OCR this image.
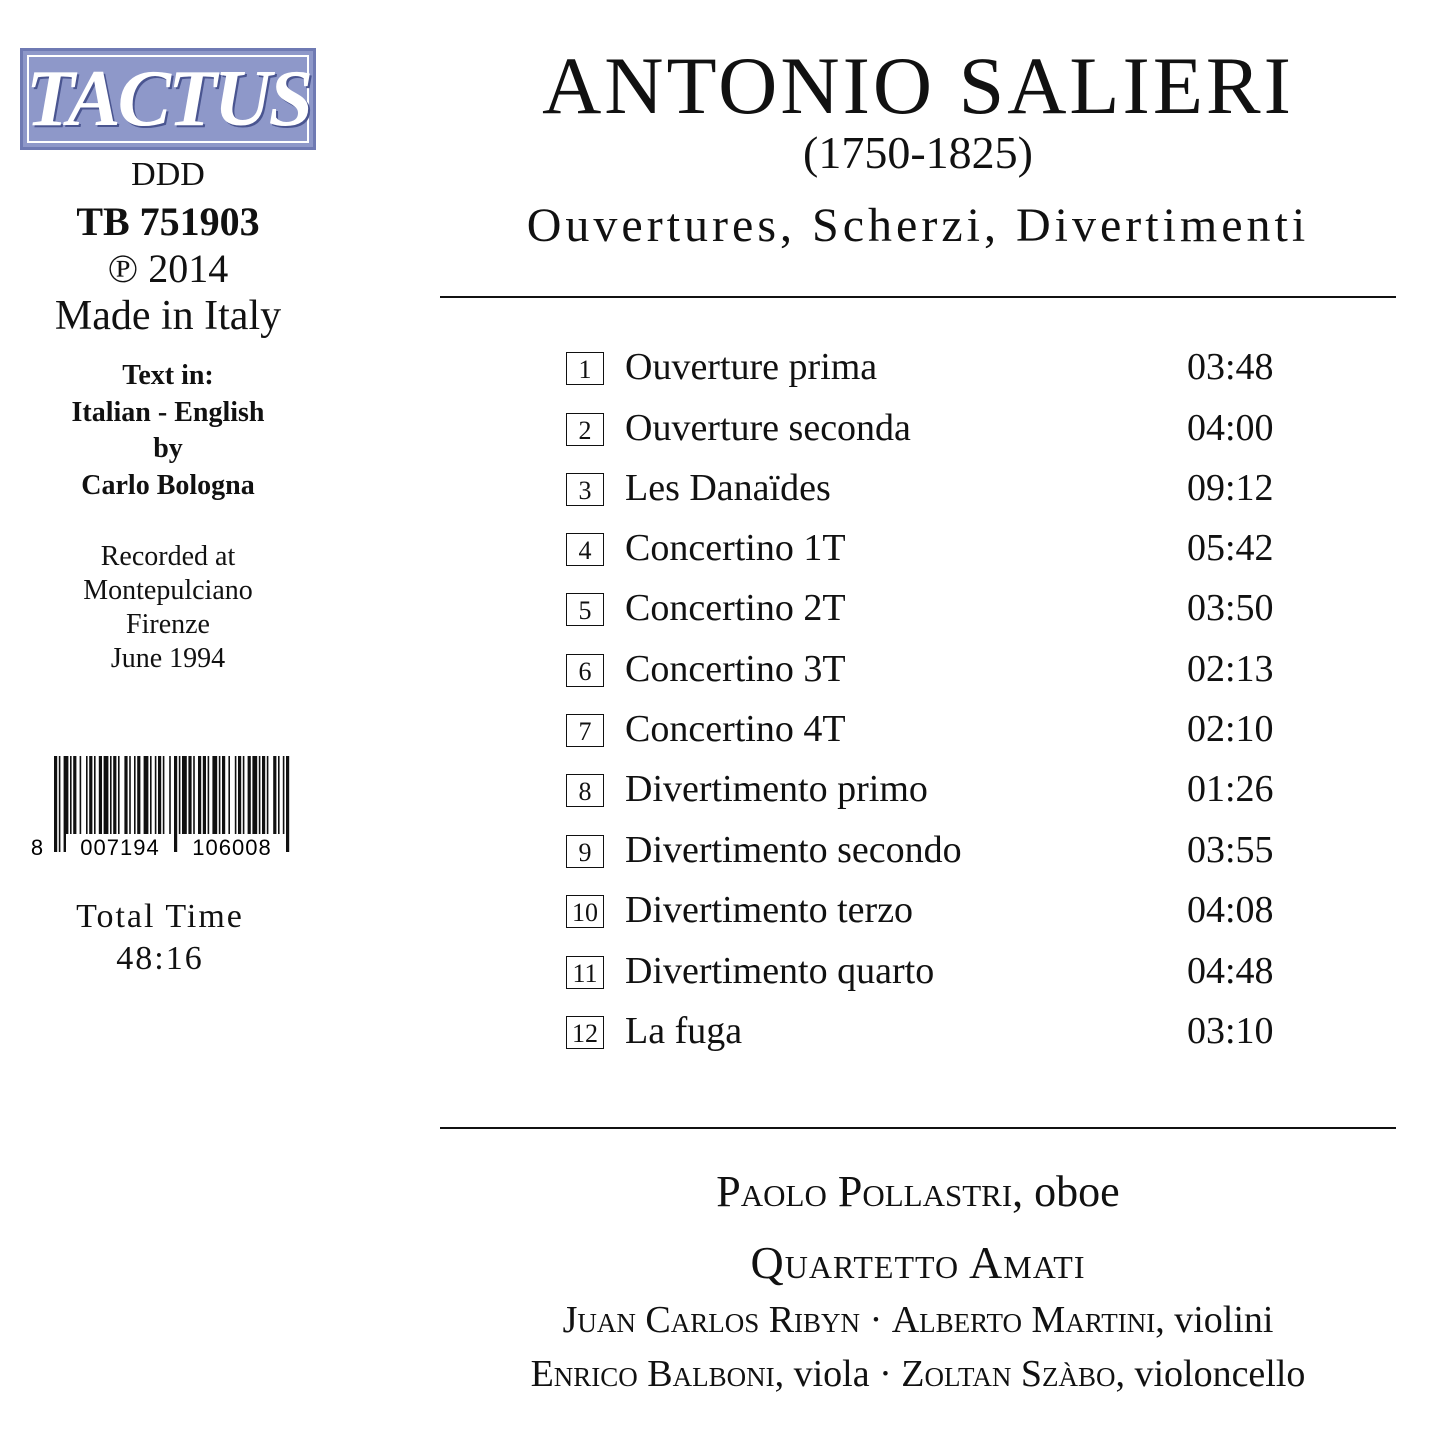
TACTUS
DDD
TB 751903
℗ 2014
Made in Italy
Text in:
Italian - English
by
Carlo Bologna
Recorded at
Montepulciano
Firenze
June 1994
8 007194 106008
Total Time
48:16
ANTONIO SALIERI
(1750-1825)
Ouvertures, Scherzi, Divertimenti
1 Ouverture prima	03:48
2 Ouverture seconda	04:00
3 Les Danaïdes	09:12
4 Concertino 1T	05:42
5 Concertino 2T	03:50
6 Concertino 3T	02:13
7 Concertino 4T	02:10
8 Divertimento primo	01:26
9 Divertimento secondo	03:55
10 Divertimento terzo	04:08
11 Divertimento quarto	04:48
12 La fuga	03:10
Paolo Pollastri, oboe
Quartetto Amati
Juan Carlos Ribyn · Alberto Martini, violini
Enrico Balboni, viola · Zoltan Szàbo, violoncello
